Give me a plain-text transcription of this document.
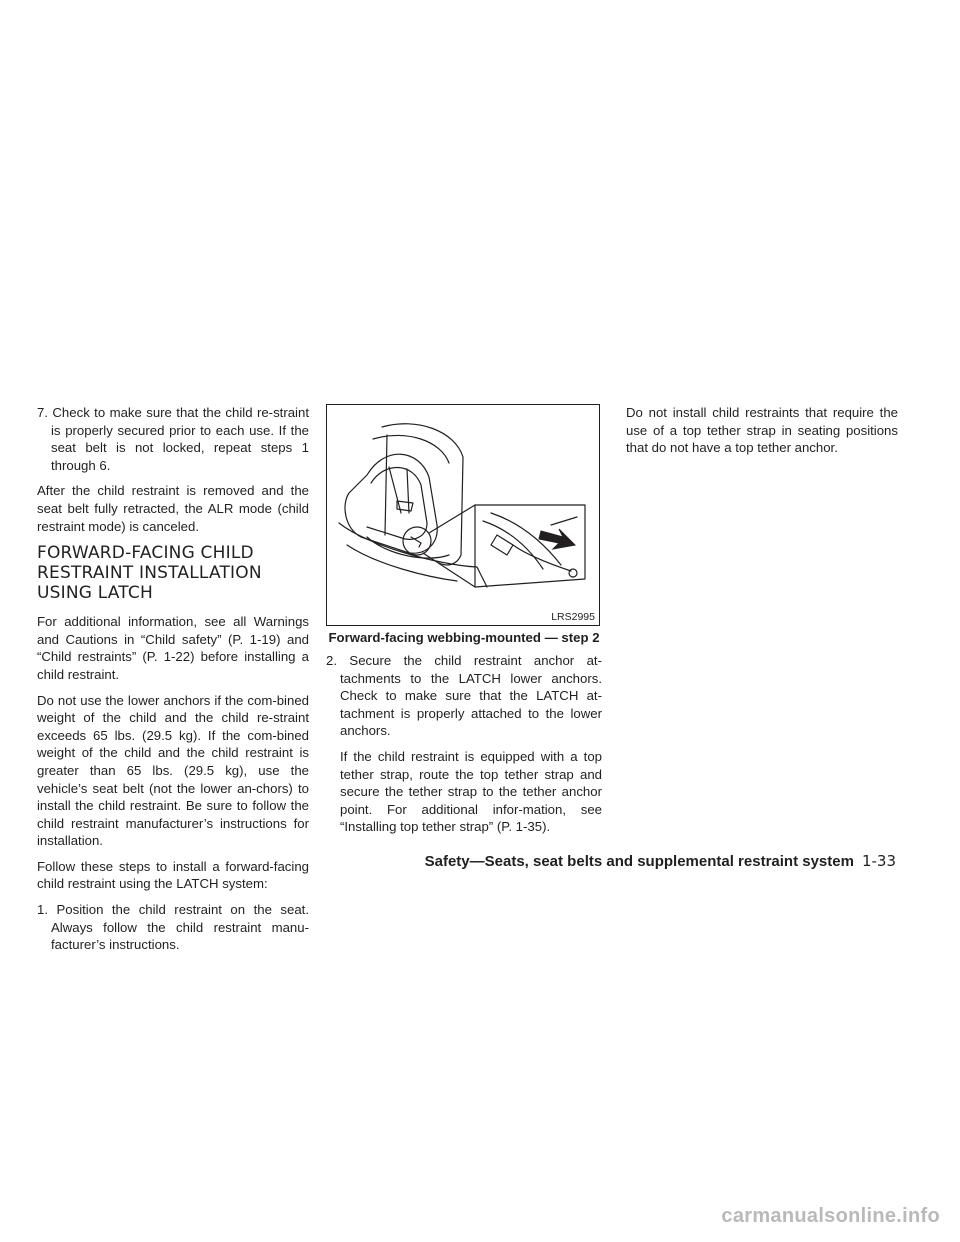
7. Check to make sure that the child re-straint is properly secured prior to each use. If the seat belt is not locked, repeat steps 1 through 6.

After the child restraint is removed and the seat belt fully retracted, the ALR mode (child restraint mode) is canceled.

FORWARD-FACING CHILD RESTRAINT INSTALLATION USING LATCH

For additional information, see all Warnings and Cautions in “Child safety” (P. 1-19) and “Child restraints” (P. 1-22) before installing a child restraint.

Do not use the lower anchors if the com-bined weight of the child and the child re-straint exceeds 65 lbs. (29.5 kg). If the com-bined weight of the child and the child restraint is greater than 65 lbs. (29.5 kg), use the vehicle’s seat belt (not the lower an-chors) to install the child restraint. Be sure to follow the child restraint manufacturer’s instructions for installation.

Follow these steps to install a forward-facing child restraint using the LATCH system:

1. Position the child restraint on the seat. Always follow the child restraint manu-facturer’s instructions.

LRS2995
Forward-facing webbing-mounted — step 2

2. Secure the child restraint anchor at-tachments to the LATCH lower anchors. Check to make sure that the LATCH at-tachment is properly attached to the lower anchors.

If the child restraint is equipped with a top tether strap, route the top tether strap and secure the tether strap to the tether anchor point. For additional infor-mation, see “Installing top tether strap” (P. 1-35).

Do not install child restraints that require the use of a top tether strap in seating positions that do not have a top tether anchor.

Safety—Seats, seat belts and supplemental restraint system 1-33
carmanualsonline.info
